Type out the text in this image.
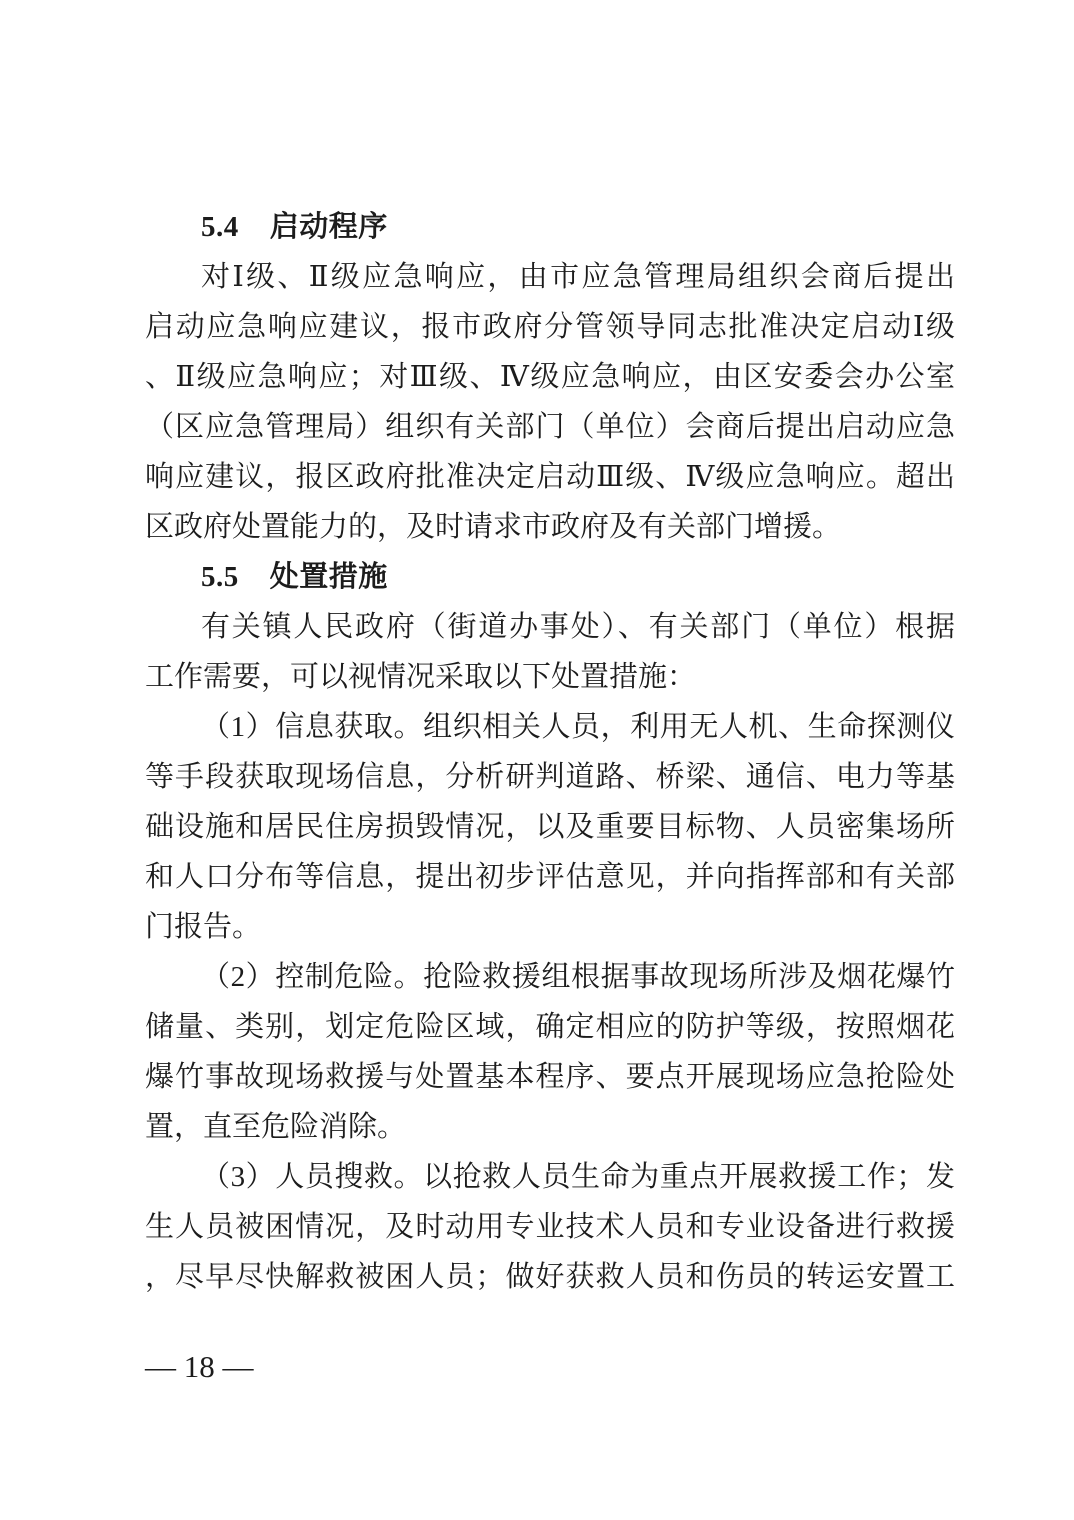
5.4 启动程序
对Ⅰ级、Ⅱ级应急响应，由市应急管理局组织会商后提出
启动应急响应建议，报市政府分管领导同志批准决定启动Ⅰ级
、Ⅱ级应急响应；对Ⅲ级、Ⅳ级应急响应，由区安委会办公室
（区应急管理局）组织有关部门（单位）会商后提出启动应急
响应建议，报区政府批准决定启动Ⅲ级、Ⅳ级应急响应。超出
区政府处置能力的，及时请求市政府及有关部门增援。
5.5 处置措施
有关镇人民政府（街道办事处）、有关部门（单位）根据
工作需要，可以视情况采取以下处置措施：
（1）信息获取。组织相关人员，利用无人机、生命探测仪
等手段获取现场信息，分析研判道路、桥梁、通信、电力等基
础设施和居民住房损毁情况，以及重要目标物、人员密集场所
和人口分布等信息，提出初步评估意见，并向指挥部和有关部
门报告。
（2）控制危险。抢险救援组根据事故现场所涉及烟花爆竹
储量、类别，划定危险区域，确定相应的防护等级，按照烟花
爆竹事故现场救援与处置基本程序、要点开展现场应急抢险处
置，直至危险消除。
（3）人员搜救。以抢救人员生命为重点开展救援工作；发
生人员被困情况，及时动用专业技术人员和专业设备进行救援
，尽早尽快解救被困人员；做好获救人员和伤员的转运安置工
— 18 —
